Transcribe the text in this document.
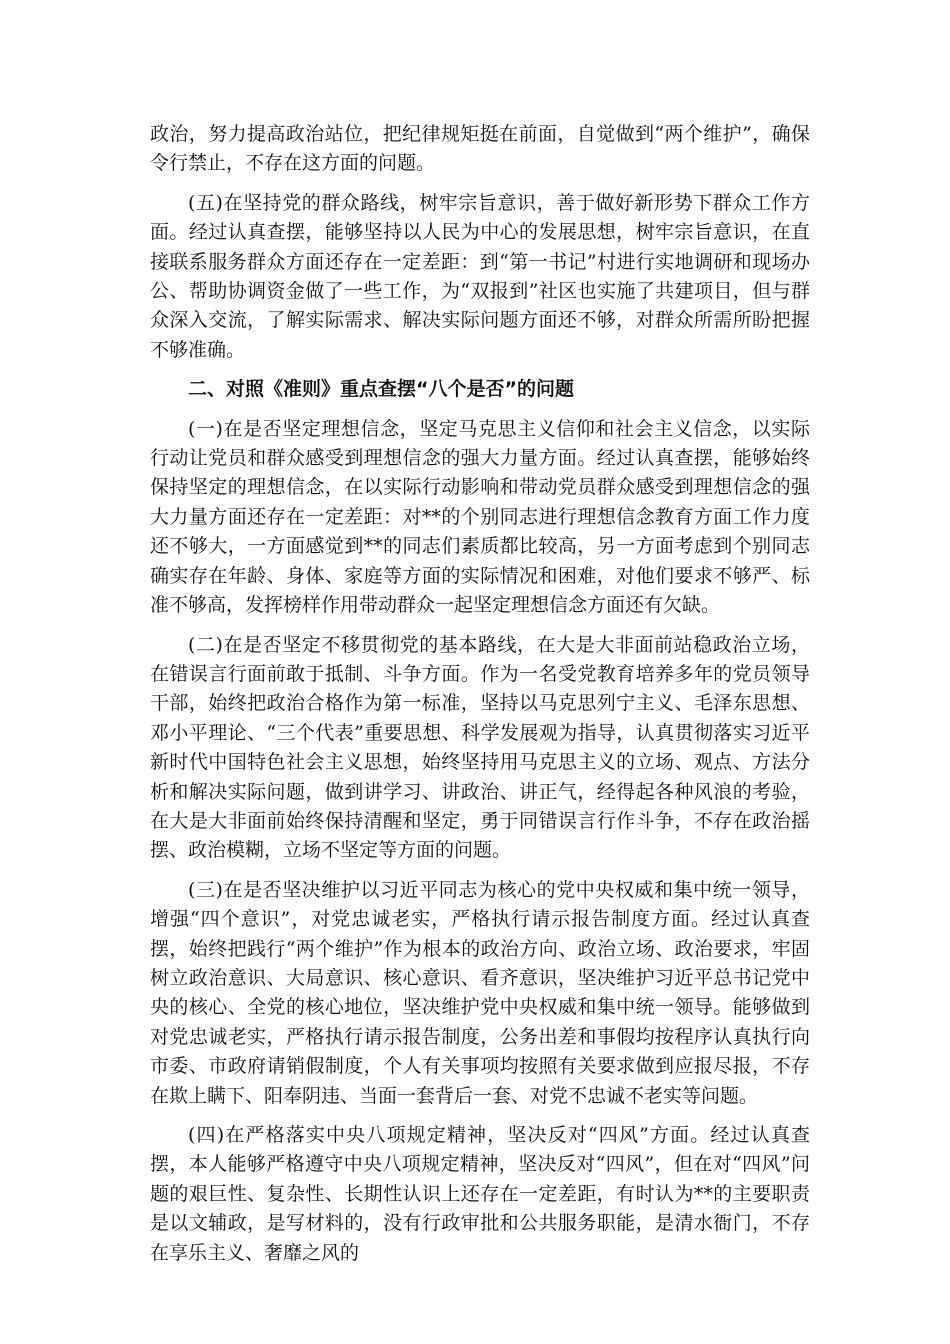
政治，努力提高政治站位，把纪律规矩挺在前面，自觉做到“两个维护”，确保令行禁止，不存在这方面的问题。

(五)在坚持党的群众路线，树牢宗旨意识，善于做好新形势下群众工作方面。经过认真查摆，能够坚持以人民为中心的发展思想，树牢宗旨意识，在直接联系服务群众方面还存在一定差距：到“第一书记”村进行实地调研和现场办公、帮助协调资金做了一些工作，为“双报到”社区也实施了共建项目，但与群众深入交流，了解实际需求、解决实际问题方面还不够，对群众所需所盼把握不够准确。

二、对照《准则》重点查摆“八个是否”的问题

(一)在是否坚定理想信念，坚定马克思主义信仰和社会主义信念，以实际行动让党员和群众感受到理想信念的强大力量方面。经过认真查摆，能够始终保持坚定的理想信念，在以实际行动影响和带动党员群众感受到理想信念的强大力量方面还存在一定差距：对**的个别同志进行理想信念教育方面工作力度还不够大，一方面感觉到**的同志们素质都比较高，另一方面考虑到个别同志确实存在年龄、身体、家庭等方面的实际情况和困难，对他们要求不够严、标准不够高，发挥榜样作用带动群众一起坚定理想信念方面还有欠缺。

(二)在是否坚定不移贯彻党的基本路线，在大是大非面前站稳政治立场，在错误言行面前敢于抵制、斗争方面。作为一名受党教育培养多年的党员领导干部，始终把政治合格作为第一标准，坚持以马克思列宁主义、毛泽东思想、邓小平理论、“三个代表”重要思想、科学发展观为指导，认真贯彻落实习近平新时代中国特色社会主义思想，始终坚持用马克思主义的立场、观点、方法分析和解决实际问题，做到讲学习、讲政治、讲正气，经得起各种风浪的考验，在大是大非面前始终保持清醒和坚定，勇于同错误言行作斗争，不存在政治摇摆、政治模糊，立场不坚定等方面的问题。

(三)在是否坚决维护以习近平同志为核心的党中央权威和集中统一领导，增强“四个意识”，对党忠诚老实，严格执行请示报告制度方面。经过认真查摆，始终把践行“两个维护”作为根本的政治方向、政治立场、政治要求，牢固树立政治意识、大局意识、核心意识、看齐意识，坚决维护习近平总书记党中央的核心、全党的核心地位，坚决维护党中央权威和集中统一领导。能够做到对党忠诚老实，严格执行请示报告制度，公务出差和事假均按程序认真执行向市委、市政府请销假制度，个人有关事项均按照有关要求做到应报尽报，不存在欺上瞒下、阳奉阴违、当面一套背后一套、对党不忠诚不老实等问题。

(四)在严格落实中央八项规定精神，坚决反对“四风”方面。经过认真查摆，本人能够严格遵守中央八项规定精神，坚决反对“四风”，但在对“四风”问题的艰巨性、复杂性、长期性认识上还存在一定差距，有时认为**的主要职责是以文辅政，是写材料的，没有行政审批和公共服务职能，是清水衙门，不存在享乐主义、奢靡之风的
